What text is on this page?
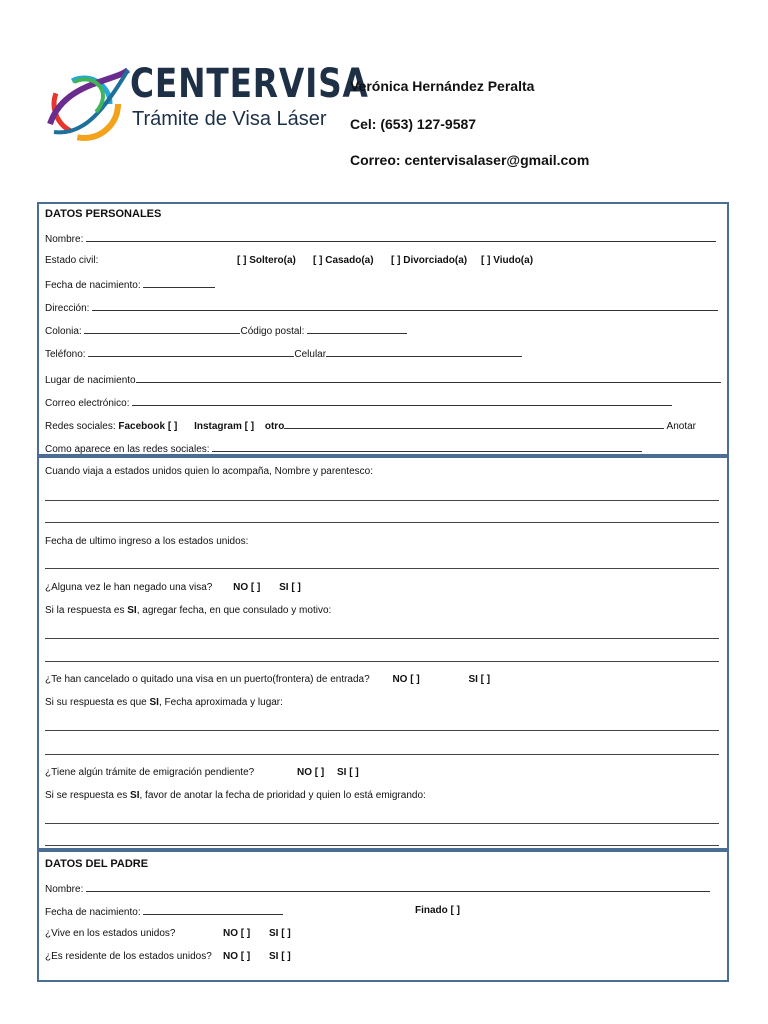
CENTERVISA
Trámite de Visa Láser
Verónica Hernández Peralta
Cel: (653) 127-9587
Correo: centervisalaser@gmail.com
DATOS PERSONALES
Nombre:
Estado civil:	[ ] Soltero(a) [ ] Casado(a) [ ] Divorciado(a) [ ] Viudo(a)
Fecha de nacimiento:
Dirección:
Colonia:	Código postal:
Teléfono:	Celular
Lugar de nacimiento
Correo electrónico:
Redes sociales: Facebook [ ] Instagram [ ] otro	Anotar
Como aparece en las redes sociales:
Cuando viaja a estados unidos quien lo acompaña, Nombre y parentesco:
Fecha de ultimo ingreso a los estados unidos:
¿Alguna vez le han negado una visa? NO [ ] SI [ ]
Si la respuesta es SI, agregar fecha, en que consulado y motivo:
¿Te han cancelado o quitado una visa en un puerto(frontera) de entrada? NO [ ]	SI [ ]
Si su respuesta es que SI, Fecha aproximada y lugar:
¿Tiene algún trámite de emigración pendiente?	NO [ ] SI [ ]
Si se respuesta es SI, favor de anotar la fecha de prioridad y quien lo está emigrando:
DATOS DEL PADRE
Nombre:
Fecha de nacimiento:	Finado [ ]
¿Vive en los estados unidos?	NO [ ] SI [ ]
¿Es residente de los estados unidos? NO [ ] SI [ ]
